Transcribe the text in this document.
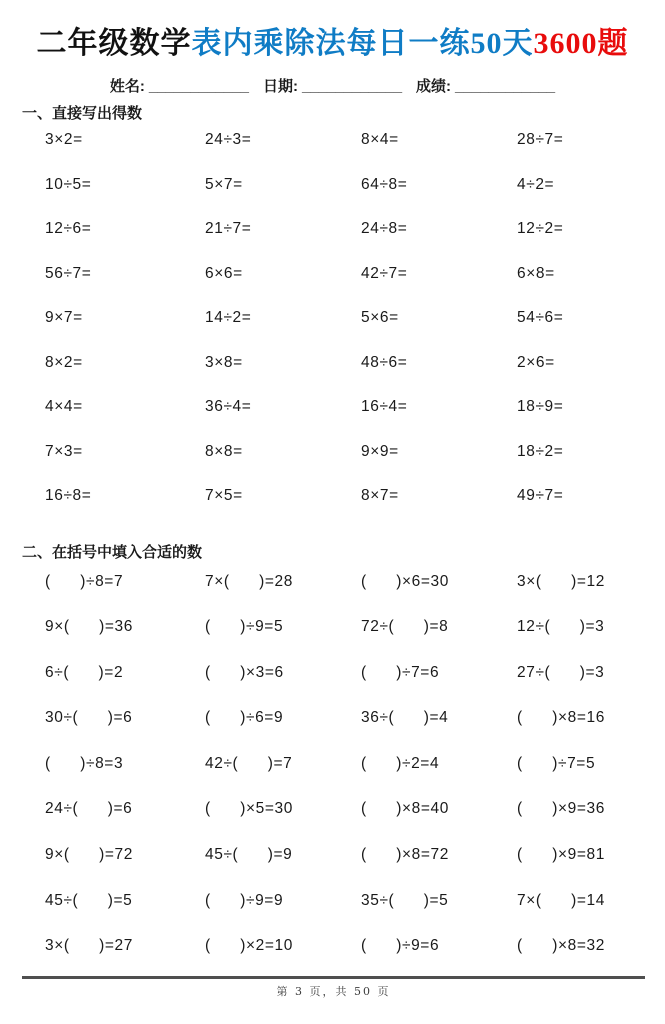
二年级数学表内乘除法每日一练50天3600题
姓名: ____________ 日期: ____________ 成绩: ____________
一、直接写出得数
3×2=	24÷3=	8×4=	28÷7=
10÷5=	5×7=	64÷8=	4÷2=
12÷6=	21÷7=	24÷8=	12÷2=
56÷7=	6×6=	42÷7=	6×8=
9×7=	14÷2=	5×6=	54÷6=
8×2=	3×8=	48÷6=	2×6=
4×4=	36÷4=	16÷4=	18÷9=
7×3=	8×8=	9×9=	18÷2=
16÷8=	7×5=	8×7=	49÷7=
二、在括号中填入合适的数
(      )÷8=7	7×(      )=28	(      )×6=30	3×(      )=12
9×(      )=36	(      )÷9=5	72÷(      )=8	12÷(      )=3
6÷(      )=2	(      )×3=6	(      )÷7=6	27÷(      )=3
30÷(      )=6	(      )÷6=9	36÷(      )=4	(      )×8=16
(      )÷8=3	42÷(      )=7	(      )÷2=4	(      )÷7=5
24÷(      )=6	(      )×5=30	(      )×8=40	(      )×9=36
9×(      )=72	45÷(      )=9	(      )×8=72	(      )×9=81
45÷(      )=5	(      )÷9=9	35÷(      )=5	7×(      )=14
3×(      )=27	(      )×2=10	(      )÷9=6	(      )×8=32
第 3 页，共 50 页
